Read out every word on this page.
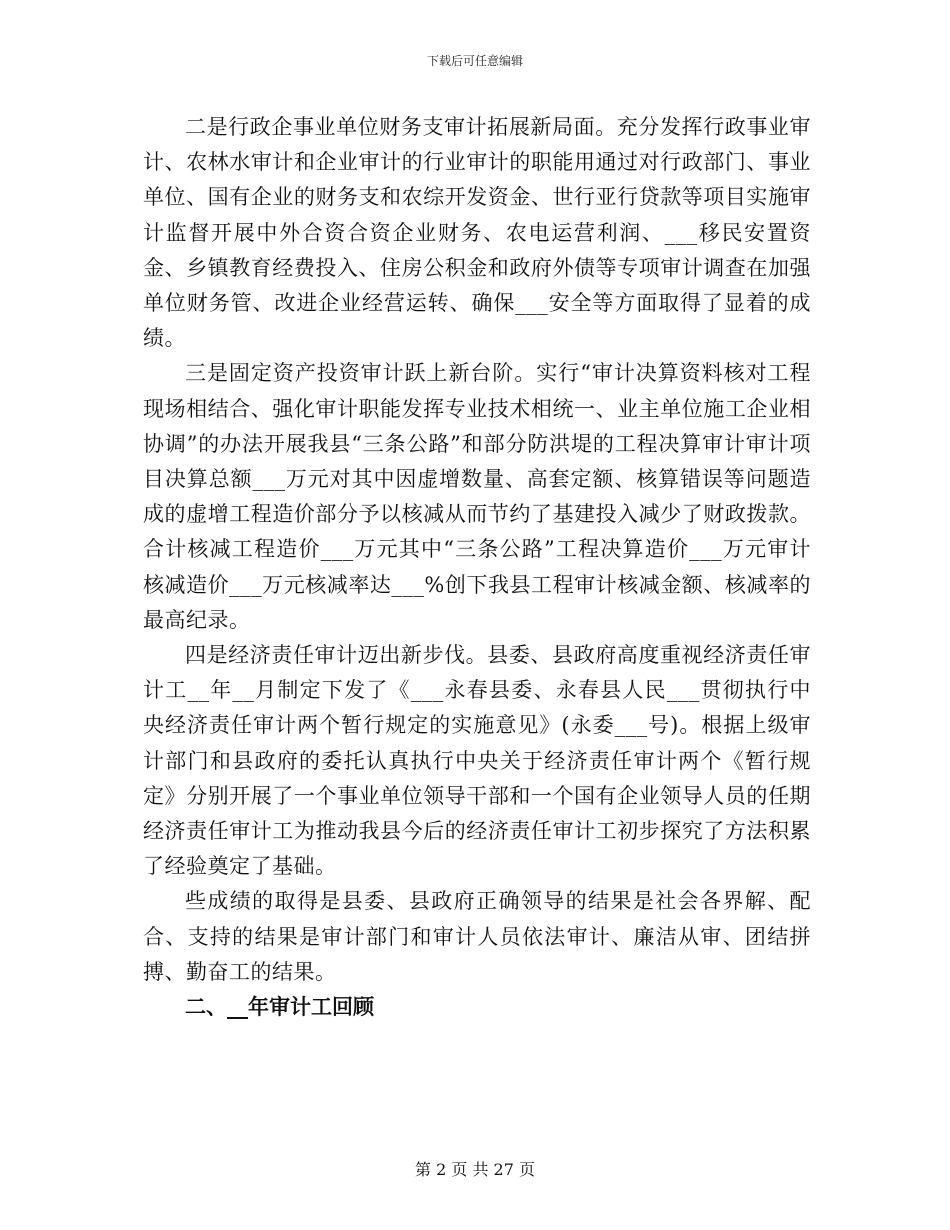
下载后可任意编辑

二是行政企事业单位财务支审计拓展新局面。充分发挥行政事业审计、农林水审计和企业审计的行业审计的职能用通过对行政部门、事业单位、国有企业的财务支和农综开发资金、世行亚行贷款等项目实施审计监督开展中外合资合资企业财务、农电运营利润、___移民安置资金、乡镇教育经费投入、住房公积金和政府外债等专项审计调查在加强单位财务管、改进企业经营运转、确保___安全等方面取得了显着的成绩。

三是固定资产投资审计跃上新台阶。实行“审计决算资料核对工程现场相结合、强化审计职能发挥专业技术相统一、业主单位施工企业相协调”的办法开展我县“三条公路”和部分防洪堤的工程决算审计审计项目决算总额___万元对其中因虚增数量、高套定额、核算错误等问题造成的虚增工程造价部分予以核减从而节约了基建投入减少了财政拨款。合计核减工程造价___万元其中“三条公路”工程决算造价___万元审计核减造价___万元核减率达___%创下我县工程审计核减金额、核减率的最高纪录。

四是经济责任审计迈出新步伐。县委、县政府高度重视经济责任审计工__年__月制定下发了《___永春县委、永春县人民___贯彻执行中央经济责任审计两个暂行规定的实施意见》(永委___号)。根据上级审计部门和县政府的委托认真执行中央关于经济责任审计两个《暂行规定》分别开展了一个事业单位领导干部和一个国有企业领导人员的任期经济责任审计工为推动我县今后的经济责任审计工初步探究了方法积累了经验奠定了基础。

些成绩的取得是县委、县政府正确领导的结果是社会各界解、配合、支持的结果是审计部门和审计人员依法审计、廉洁从审、团结拼搏、勤奋工的结果。

二、__年审计工回顾

第 2 页 共 27 页
